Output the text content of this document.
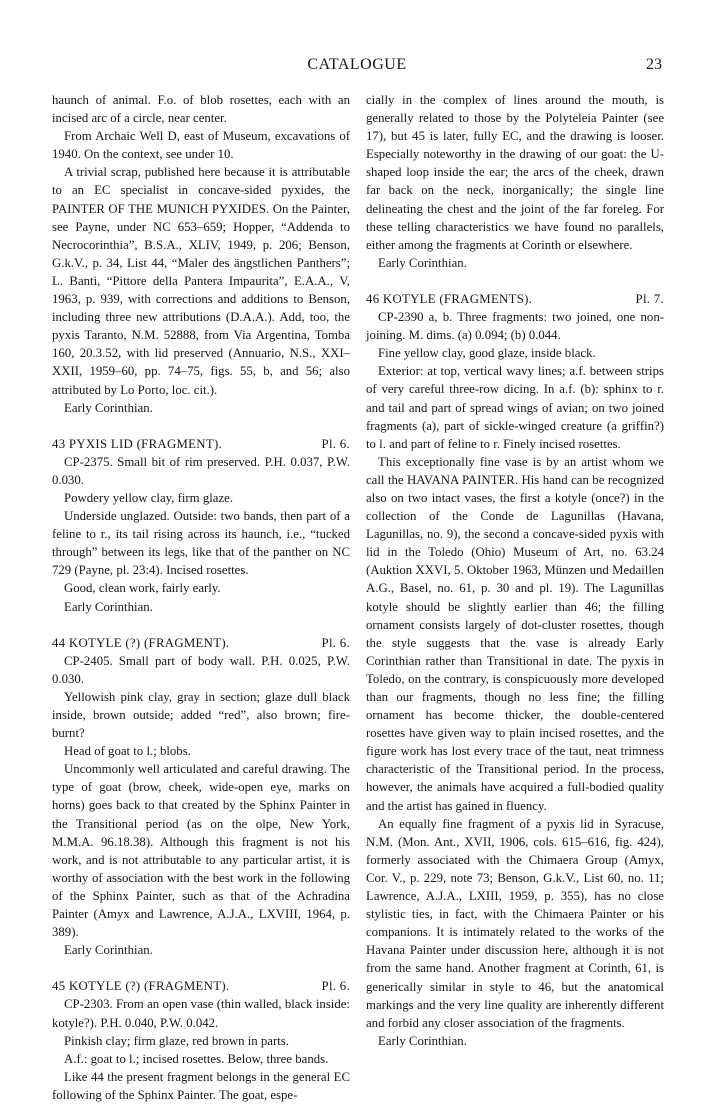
CATALOGUE	23

haunch of animal. F.o. of blob rosettes, each with an incised arc of a circle, near center.

From Archaic Well D, east of Museum, excavations of 1940. On the context, see under 10.

A trivial scrap, published here because it is attributable to an EC specialist in concave-sided pyxides, the PAINTER OF THE MUNICH PYXIDES. On the Painter, see Payne, under NC 653–659; Hopper, “Addenda to Necrocorinthia”, B.S.A., XLIV, 1949, p. 206; Benson, G.k.V., p. 34, List 44, “Maler des ängstlichen Panthers”; L. Banti, “Pittore della Pantera Impaurita”, E.A.A., V, 1963, p. 939, with corrections and additions to Benson, including three new attributions (D.A.A.). Add, too, the pyxis Taranto, N.M. 52888, from Via Argentina, Tomba 160, 20.3.52, with lid preserved (Annuario, N.S., XXI–XXII, 1959–60, pp. 74–75, figs. 55, b, and 56; also attributed by Lo Porto, loc. cit.).

Early Corinthian.

43 PYXIS LID (FRAGMENT).	Pl. 6.

CP-2375. Small bit of rim preserved. P.H. 0.037, P.W. 0.030.

Powdery yellow clay, firm glaze.

Underside unglazed. Outside: two bands, then part of a feline to r., its tail rising across its haunch, i.e., “tucked through” between its legs, like that of the panther on NC 729 (Payne, pl. 23:4). Incised rosettes.

Good, clean work, fairly early.

Early Corinthian.

44 KOTYLE (?) (FRAGMENT).	Pl. 6.

CP-2405. Small part of body wall. P.H. 0.025, P.W. 0.030.

Yellowish pink clay, gray in section; glaze dull black inside, brown outside; added “red”, also brown; fire-burnt?

Head of goat to l.; blobs.

Uncommonly well articulated and careful drawing. The type of goat (brow, cheek, wide-open eye, marks on horns) goes back to that created by the Sphinx Painter in the Transitional period (as on the olpe, New York, M.M.A. 96.18.38). Although this fragment is not his work, and is not attributable to any particular artist, it is worthy of association with the best work in the following of the Sphinx Painter, such as that of the Achradina Painter (Amyx and Lawrence, A.J.A., LXVIII, 1964, p. 389).

Early Corinthian.

45 KOTYLE (?) (FRAGMENT).	Pl. 6.

CP-2303. From an open vase (thin walled, black inside: kotyle?). P.H. 0.040, P.W. 0.042.

Pinkish clay; firm glaze, red brown in parts.

A.f.: goat to l.; incised rosettes. Below, three bands.

Like 44 the present fragment belongs in the general EC following of the Sphinx Painter. The goat, espe-

cially in the complex of lines around the mouth, is generally related to those by the Polyteleia Painter (see 17), but 45 is later, fully EC, and the drawing is looser. Especially noteworthy in the drawing of our goat: the U-shaped loop inside the ear; the arcs of the cheek, drawn far back on the neck, inorganically; the single line delineating the chest and the joint of the far foreleg. For these telling characteristics we have found no parallels, either among the fragments at Corinth or elsewhere.

Early Corinthian.

46 KOTYLE (FRAGMENTS).	Pl. 7.

CP-2390 a, b. Three fragments: two joined, one non-joining. M. dims. (a) 0.094; (b) 0.044.

Fine yellow clay, good glaze, inside black.

Exterior: at top, vertical wavy lines; a.f. between strips of very careful three-row dicing. In a.f. (b): sphinx to r. and tail and part of spread wings of avian; on two joined fragments (a), part of sickle-winged creature (a griffin?) to l. and part of feline to r. Finely incised rosettes.

This exceptionally fine vase is by an artist whom we call the HAVANA PAINTER. His hand can be recognized also on two intact vases, the first a kotyle (once?) in the collection of the Conde de Lagunillas (Havana, Lagunillas, no. 9), the second a concave-sided pyxis with lid in the Toledo (Ohio) Museum of Art, no. 63.24 (Auktion XXVI, 5. Oktober 1963, Münzen und Medaillen A.G., Basel, no. 61, p. 30 and pl. 19). The Lagunillas kotyle should be slightly earlier than 46; the filling ornament consists largely of dot-cluster rosettes, though the style suggests that the vase is already Early Corinthian rather than Transitional in date. The pyxis in Toledo, on the contrary, is conspicuously more developed than our fragments, though no less fine; the filling ornament has become thicker, the double-centered rosettes have given way to plain incised rosettes, and the figure work has lost every trace of the taut, neat trimness characteristic of the Transitional period. In the process, however, the animals have acquired a full-bodied quality and the artist has gained in fluency.

An equally fine fragment of a pyxis lid in Syracuse, N.M. (Mon. Ant., XVII, 1906, cols. 615–616, fig. 424), formerly associated with the Chimaera Group (Amyx, Cor. V., p. 229, note 73; Benson, G.k.V., List 60, no. 11; Lawrence, A.J.A., LXIII, 1959, p. 355), has no close stylistic ties, in fact, with the Chimaera Painter or his companions. It is intimately related to the works of the Havana Painter under discussion here, although it is not from the same hand. Another fragment at Corinth, 61, is generically similar in style to 46, but the anatomical markings and the very line quality are inherently different and forbid any closer association of the fragments.

Early Corinthian.
